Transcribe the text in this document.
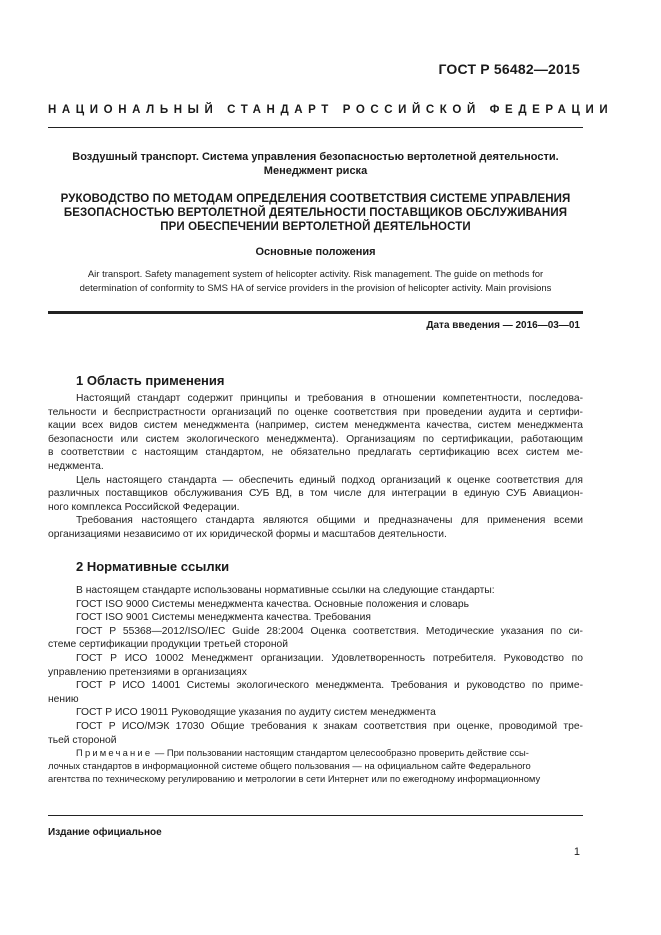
ГОСТ Р 56482—2015
НАЦИОНАЛЬНЫЙ СТАНДАРТ РОССИЙСКОЙ ФЕДЕРАЦИИ
Воздушный транспорт. Система управления безопасностью вертолетной деятельности.
Менеджмент риска
РУКОВОДСТВО ПО МЕТОДАМ ОПРЕДЕЛЕНИЯ СООТВЕТСТВИЯ СИСТЕМЕ УПРАВЛЕНИЯ
БЕЗОПАСНОСТЬЮ ВЕРТОЛЕТНОЙ ДЕЯТЕЛЬНОСТИ ПОСТАВЩИКОВ ОБСЛУЖИВАНИЯ
ПРИ ОБЕСПЕЧЕНИИ ВЕРТОЛЕТНОЙ ДЕЯТЕЛЬНОСТИ
Основные положения
Air transport. Safety management system of helicopter activity. Risk management. The guide on methods for
determination of conformity to SMS HA of service providers in the provision of helicopter activity. Main provisions
Дата введения — 2016—03—01
1 Область применения
Настоящий стандарт содержит принципы и требования в отношении компетентности, последова-
тельности и беспристрастности организаций по оценке соответствия при проведении аудита и сертифи-
кации всех видов систем менеджмента (например, систем менеджмента качества, систем менеджмента
безопасности или систем экологического менеджмента). Организациям по сертификации, работающим
в соответствии с настоящим стандартом, не обязательно предлагать сертификацию всех систем ме-
неджмента.
Цель настоящего стандарта — обеспечить единый подход организаций к оценке соответствия для
различных поставщиков обслуживания СУБ ВД, в том числе для интеграции в единую СУБ Авиацион-
ного комплекса Российской Федерации.
Требования настоящего стандарта являются общими и предназначены для применения всеми
организациями независимо от их юридической формы и масштабов деятельности.
2 Нормативные ссылки
В настоящем стандарте использованы нормативные ссылки на следующие стандарты:
ГОСТ ISO 9000 Системы менеджмента качества. Основные положения и словарь
ГОСТ ISO 9001 Системы менеджмента качества. Требования
ГОСТ Р 55368—2012/ISO/IEC Guide 28:2004 Оценка соответствия. Методические указания по си-
стеме сертификации продукции третьей стороной
ГОСТ Р ИСО 10002 Менеджмент организации. Удовлетворенность потребителя. Руководство по
управлению претензиями в организациях
ГОСТ Р ИСО 14001 Системы экологического менеджмента. Требования и руководство по приме-
нению
ГОСТ Р ИСО 19011 Руководящие указания по аудиту систем менеджмента
ГОСТ Р ИСО/МЭК 17030 Общие требования к знакам соответствия при оценке, проводимой тре-
тьей стороной
Примечание — При пользовании настоящим стандартом целесообразно проверить действие ссы-
лочных стандартов в информационной системе общего пользования — на официальном сайте Федерального
агентства по техническому регулированию и метрологии в сети Интернет или по ежегодному информационному
Издание официальное
1
